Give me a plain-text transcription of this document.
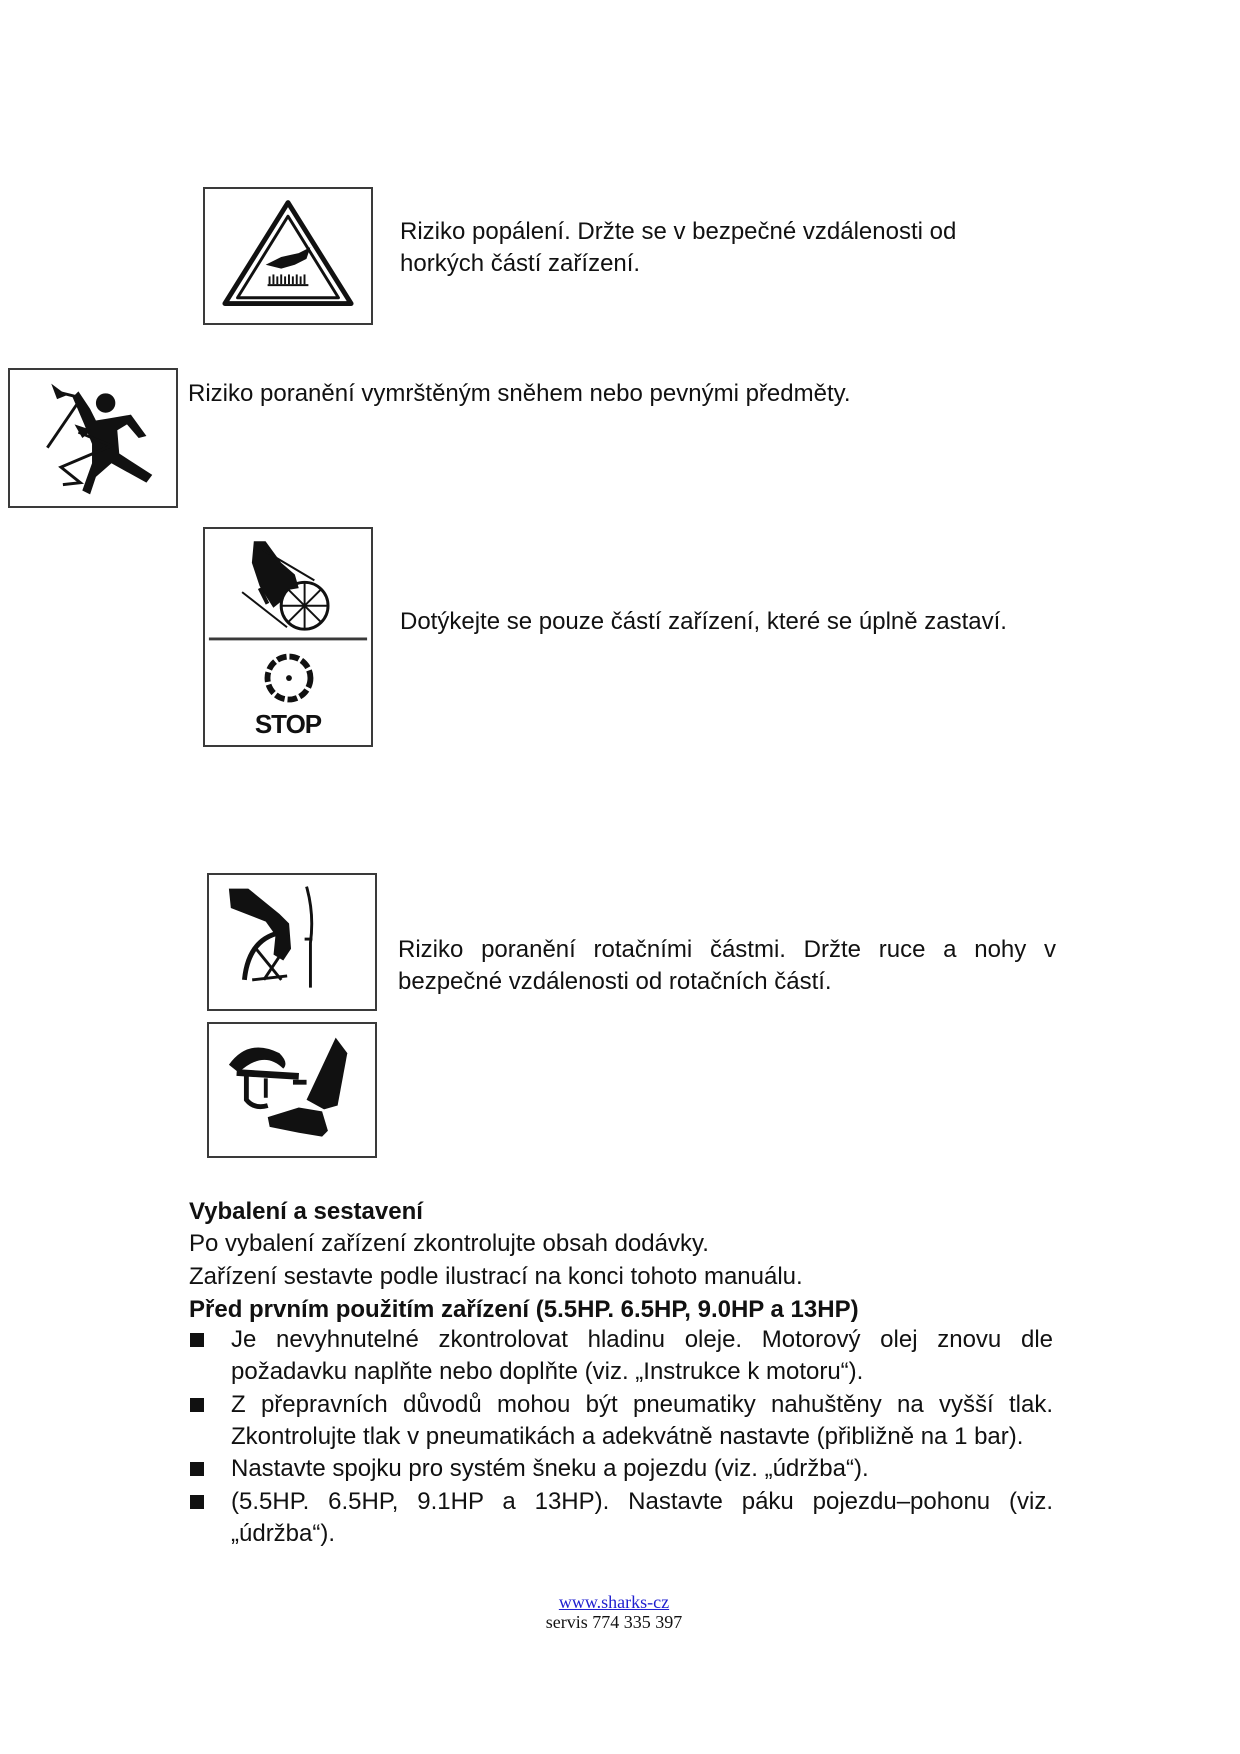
Riziko popálení. Držte se v bezpečné vzdálenosti od
horkých částí zařízení.
Riziko poranění vymrštěným sněhem nebo pevnými předměty.
STOP
Dotýkejte se pouze částí zařízení, které se úplně zastaví.
Riziko poranění rotačními částmi. Držte ruce a nohy v
bezpečné vzdálenosti od rotačních částí.
Vybalení a sestavení
Po vybalení zařízení zkontrolujte obsah dodávky.
Zařízení sestavte podle ilustrací na konci tohoto manuálu.
Před prvním použitím zařízení (5.5HP. 6.5HP, 9.0HP a 13HP)
Je nevyhnutelné zkontrolovat hladinu oleje. Motorový olej znovu dle
požadavku naplňte nebo doplňte (viz. „Instrukce k motoru“).
Z přepravních důvodů mohou být pneumatiky nahuštěny na vyšší tlak.
Zkontrolujte tlak v pneumatikách a adekvátně nastavte (přibližně na 1 bar).
Nastavte spojku pro systém šneku a pojezdu (viz. „údržba“).
(5.5HP. 6.5HP, 9.1HP a 13HP). Nastavte páku pojezdu–pohonu (viz.
„údržba“).
www.sharks-cz
servis 774 335 397
